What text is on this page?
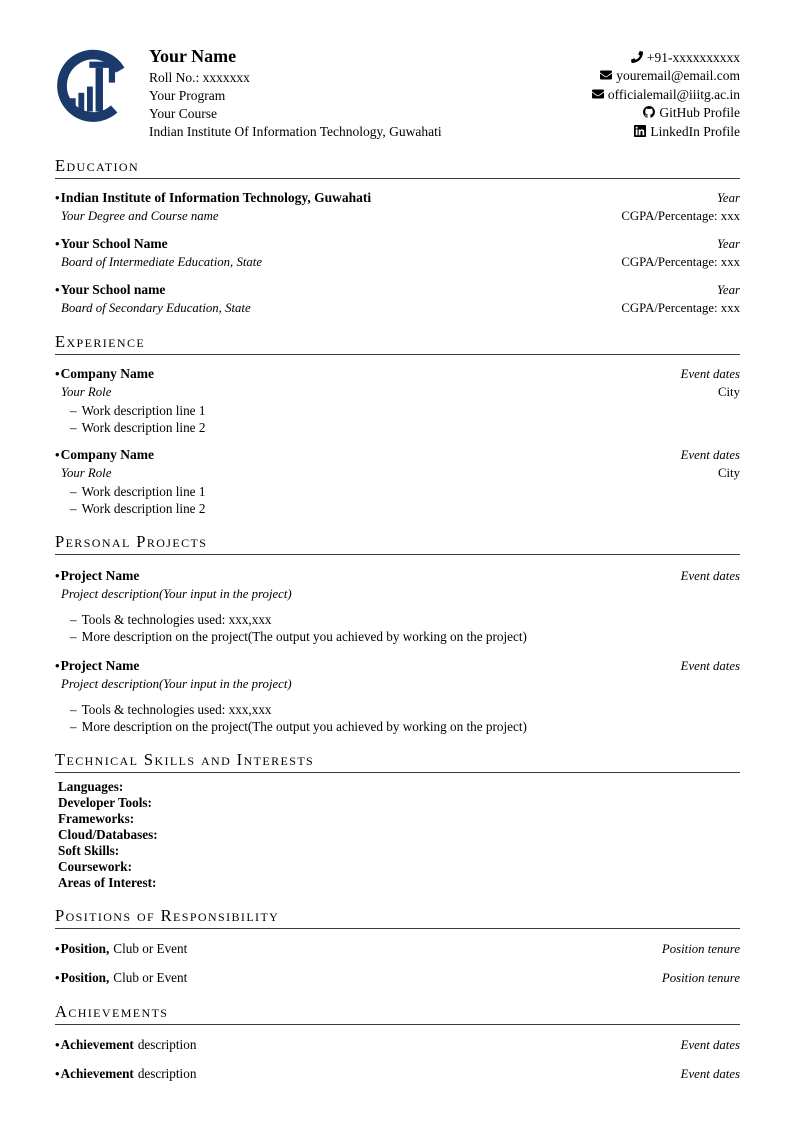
Your Name
Roll No.: xxxxxxx
Your Program
Your Course
Indian Institute Of Information Technology, Guwahati
+91-xxxxxxxxxx
youremail@email.com
officialemail@iiitg.ac.in
GitHub Profile
LinkedIn Profile
Education
•Indian Institute of Information Technology, Guwahati	Year
Your Degree and Course name	CGPA/Percentage: xxx
•Your School Name	Year
Board of Intermediate Education, State	CGPA/Percentage: xxx
•Your School name	Year
Board of Secondary Education, State	CGPA/Percentage: xxx
Experience
•Company Name	Event dates
Your Role	City
– Work description line 1
– Work description line 2
•Company Name	Event dates
Your Role	City
– Work description line 1
– Work description line 2
Personal Projects
•Project Name	Event dates
Project description(Your input in the project)
– Tools & technologies used: xxx,xxx
– More description on the project(The output you achieved by working on the project)
•Project Name	Event dates
Project description(Your input in the project)
– Tools & technologies used: xxx,xxx
– More description on the project(The output you achieved by working on the project)
Technical Skills and Interests
Languages:
Developer Tools:
Frameworks:
Cloud/Databases:
Soft Skills:
Coursework:
Areas of Interest:
Positions of Responsibility
•Position, Club or Event	Position tenure
•Position, Club or Event	Position tenure
Achievements
•Achievement description	Event dates
•Achievement description	Event dates
